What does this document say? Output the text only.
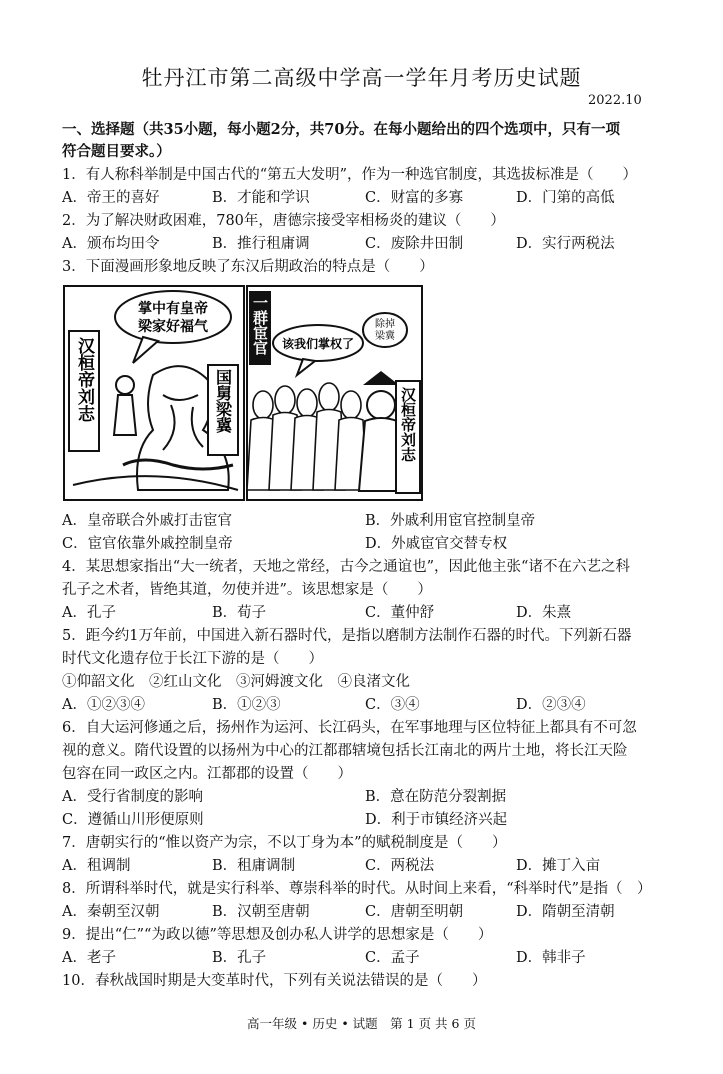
牡丹江市第二高级中学高一学年月考历史试题
2022.10
一、选择题（共35小题，每小题2分，共70分。在每小题给出的四个选项中，只有一项
符合题目要求。）
1．有人称科举制是中国古代的“第五大发明”，作为一种选官制度，其选拔标准是（　　）
A．帝王的喜好	B．才能和学识	C．财富的多寡	D．门第的高低
2．为了解决财政困难，780年，唐德宗接受宰相杨炎的建议（　　）
A．颁布均田令	B．推行租庸调	C．废除井田制	D．实行两税法
3．下面漫画形象地反映了东汉后期政治的特点是（　　）
掌中有皇帝
梁家好福气
汉桓帝刘志	国舅梁冀
一群宦官 该我们掌权了
除掉
梁冀
汉桓帝刘志
A．皇帝联合外戚打击宦官	B．外戚利用宦官控制皇帝
C．宦官依靠外戚控制皇帝	D．外戚宦官交替专权
4．某思想家指出“大一统者，天地之常经，古今之通谊也”，因此他主张“诸不在六艺之科
孔子之术者，皆绝其道，勿使并进”。该思想家是（　　）
A．孔子	B．荀子	C．董仲舒	D．朱熹
5．距今约1万年前，中国进入新石器时代，是指以磨制方法制作石器的时代。下列新石器
时代文化遗存位于长江下游的是（　　）
①仰韶文化　②红山文化　③河姆渡文化　④良渚文化
A．①②③④	B．①②③	C．③④	D．②③④
6．自大运河修通之后，扬州作为运河、长江码头，在军事地理与区位特征上都具有不可忽
视的意义。隋代设置的以扬州为中心的江都郡辖境包括长江南北的两片土地，将长江天险
包容在同一政区之内。江都郡的设置（　　）
A．受行省制度的影响	B．意在防范分裂割据
C．遵循山川形便原则	D．利于市镇经济兴起
7．唐朝实行的“惟以资产为宗，不以丁身为本”的赋税制度是（　　）
A．租调制	B．租庸调制	C．两税法	D．摊丁入亩
8．所谓科举时代，就是实行科举、尊崇科举的时代。从时间上来看，“科举时代”是指（　）
A．秦朝至汉朝	B．汉朝至唐朝	C．唐朝至明朝	D．隋朝至清朝
9．提出“仁”“为政以德”等思想及创办私人讲学的思想家是（　　）
A．老子	B．孔子	C．孟子	D．韩非子
10．春秋战国时期是大变革时代，下列有关说法错误的是（　　）
高一年级 • 历史 • 试题　第 1 页 共 6 页
